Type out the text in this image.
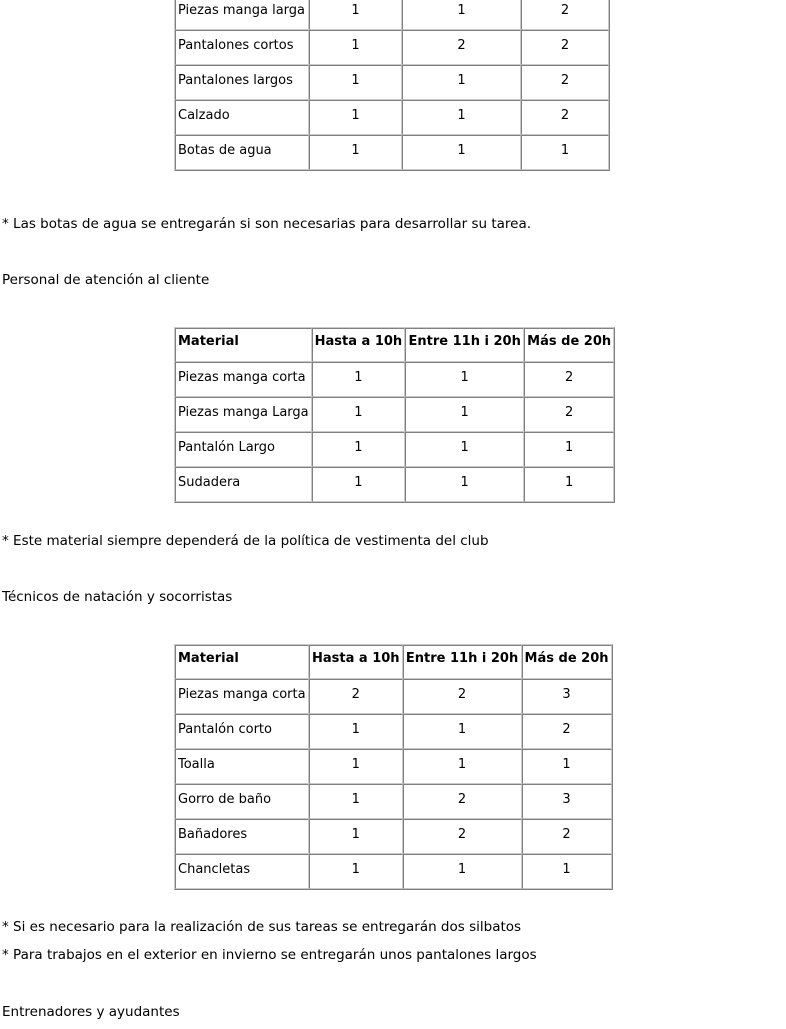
Piezas manga larga	1	1	2
Pantalones cortos	1	2	2
Pantalones largos	1	1	2
Calzado	1	1	2
Botas de agua	1	1	1
* Las botas de agua se entregarán si son necesarias para desarrollar su tarea.
Personal de atención al cliente
Material	Hasta a 10h	Entre 11h i 20h	Más de 20h
Piezas manga corta	1	1	2
Piezas manga Larga	1	1	2
Pantalón Largo	1	1	1
Sudadera	1	1	1
* Este material siempre dependerá de la política de vestimenta del club
Técnicos de natación y socorristas
Material	Hasta a 10h	Entre 11h i 20h	Más de 20h
Piezas manga corta	2	2	3
Pantalón corto	1	1	2
Toalla	1	1	1
Gorro de baño	1	2	3
Bañadores	1	2	2
Chancletas	1	1	1
* Si es necesario para la realización de sus tareas se entregarán dos silbatos
* Para trabajos en el exterior en invierno se entregarán unos pantalones largos
Entrenadores y ayudantes
